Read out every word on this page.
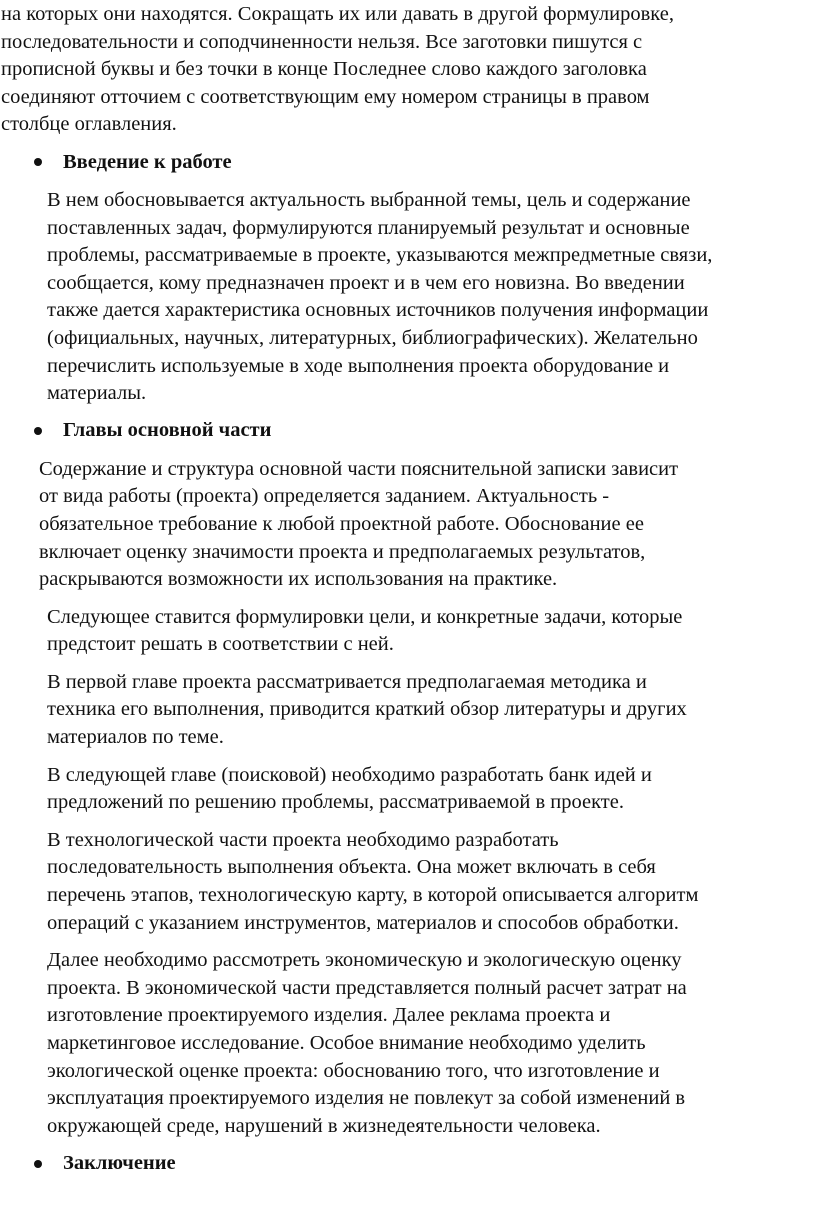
на которых они находятся. Сокращать их или давать в другой формулировке,
последовательности и соподчиненности нельзя. Все заготовки пишутся с
прописной буквы и без точки в конце Последнее слово каждого заголовка
соединяют отточием с соответствующим ему номером страницы в правом
столбце оглавления.

Введение к работе

В нем обосновывается актуальность выбранной темы, цель и содержание
поставленных задач, формулируются планируемый результат и основные
проблемы, рассматриваемые в проекте, указываются межпредметные связи,
сообщается, кому предназначен проект и в чем его новизна. Во введении
также дается характеристика основных источников получения информации
(официальных, научных, литературных, библиографических). Желательно
перечислить используемые в ходе выполнения проекта оборудование и
материалы.

Главы основной части

Содержание и структура основной части пояснительной записки зависит
от вида работы (проекта) определяется заданием. Актуальность -
обязательное требование к любой проектной работе. Обоснование ее
включает оценку значимости проекта и предполагаемых результатов,
раскрываются возможности их использования на практике.

Следующее ставится формулировки цели, и конкретные задачи, которые
предстоит решать в соответствии с ней.

В первой главе проекта рассматривается предполагаемая методика и
техника его выполнения, приводится краткий обзор литературы и других
материалов по теме.

В следующей главе (поисковой) необходимо разработать банк идей и
предложений по решению проблемы, рассматриваемой в проекте.

В технологической части проекта необходимо разработать
последовательность выполнения объекта. Она может включать в себя
перечень этапов, технологическую карту, в которой описывается алгоритм
операций с указанием инструментов, материалов и способов обработки.

Далее необходимо рассмотреть экономическую и экологическую оценку
проекта. В экономической части представляется полный расчет затрат на
изготовление проектируемого изделия. Далее реклама проекта и
маркетинговое исследование. Особое внимание необходимо уделить
экологической оценке проекта: обоснованию того, что изготовление и
эксплуатация проектируемого изделия не повлекут за собой изменений в
окружающей среде, нарушений в жизнедеятельности человека.

Заключение
